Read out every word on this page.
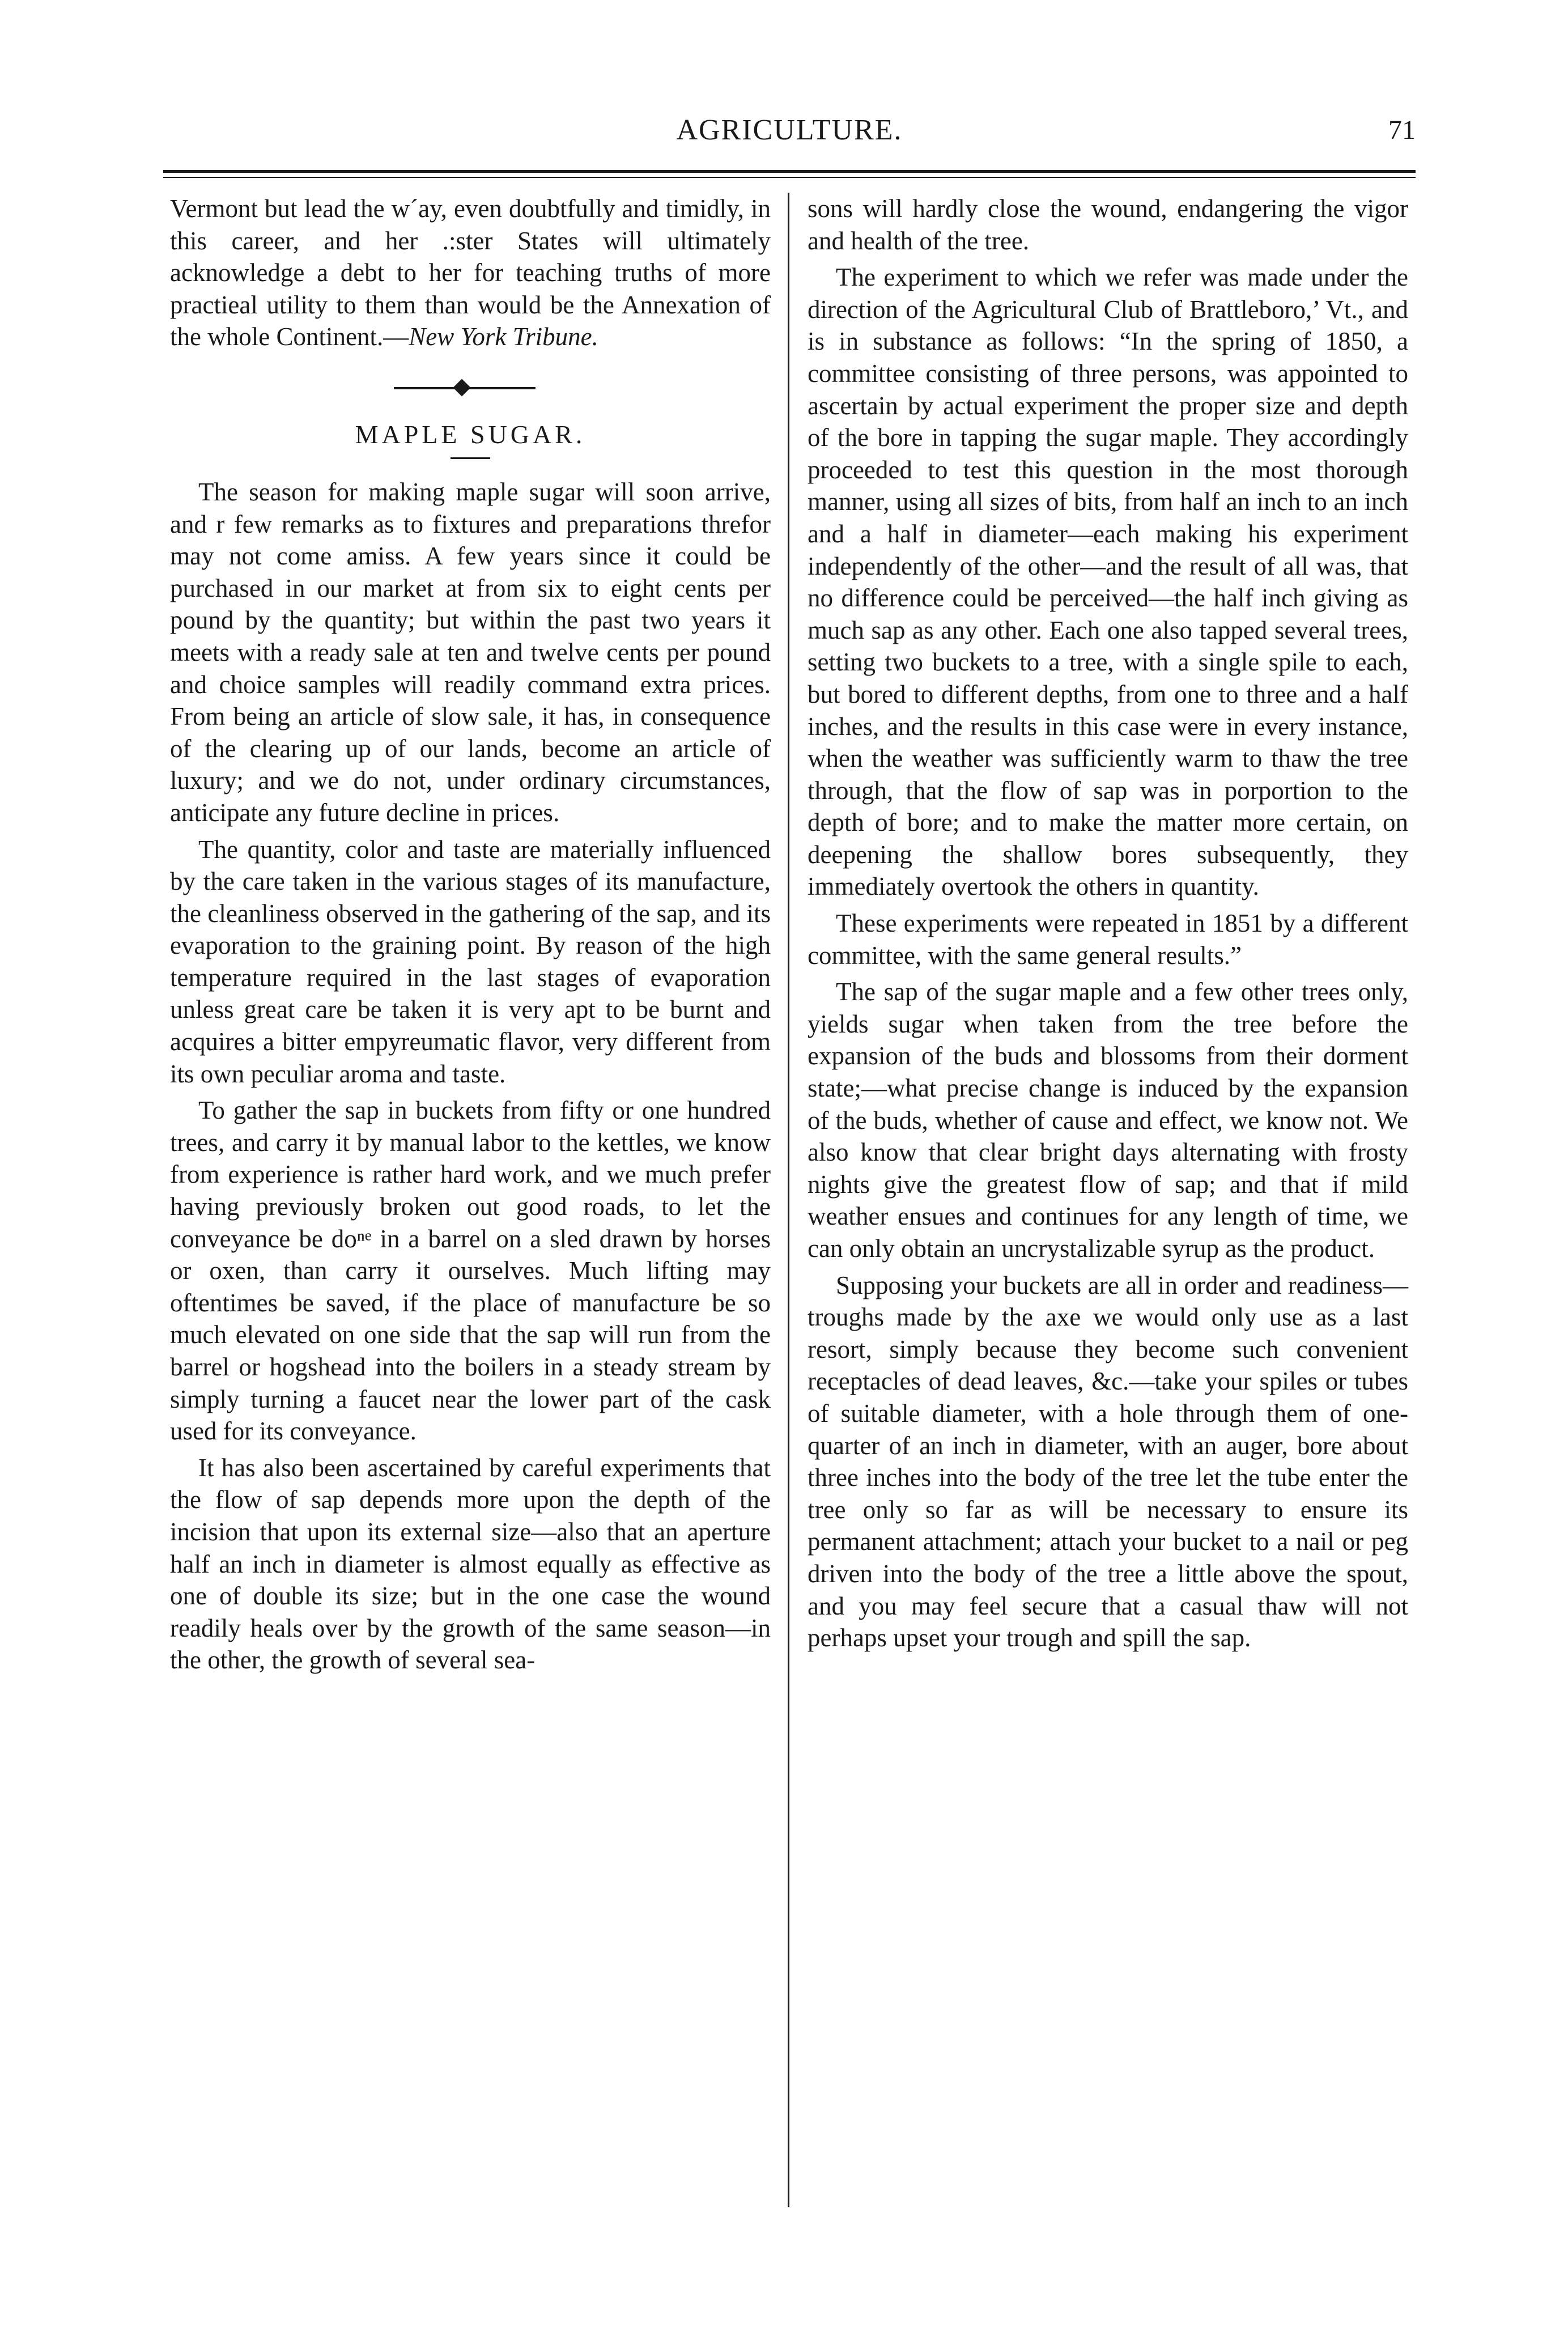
AGRICULTURE.	71

Vermont but lead the w´ay, even doubtfully and timidly, in this career, and her .:ster States will ultimately acknowledge a debt to her for teaching truths of more practieal utility to them than would be the Annexation of the whole Continent.—New York Tribune.

MAPLE SUGAR.

The season for making maple sugar will soon arrive, and r few remarks as to fixtures and preparations threfor may not come amiss. A few years since it could be purchased in our market at from six to eight cents per pound by the quantity; but within the past two years it meets with a ready sale at ten and twelve cents per pound and choice samples will readily command extra prices. From being an article of slow sale, it has, in consequence of the clearing up of our lands, become an article of luxury; and we do not, under ordinary circumstances, anticipate any future decline in prices.

The quantity, color and taste are materially influenced by the care taken in the various stages of its manufacture, the cleanliness observed in the gathering of the sap, and its evaporation to the graining point. By reason of the high temperature required in the last stages of evaporation unless great care be taken it is very apt to be burnt and acquires a bitter empyreumatic flavor, very different from its own peculiar aroma and taste.

To gather the sap in buckets from fifty or one hundred trees, and carry it by manual labor to the kettles, we know from experience is rather hard work, and we much prefer having previously broken out good roads, to let the conveyance be doⁿᵉ in a barrel on a sled drawn by horses or oxen, than carry it ourselves. Much lifting may oftentimes be saved, if the place of manufacture be so much elevated on one side that the sap will run from the barrel or hogshead into the boilers in a steady stream by simply turning a faucet near the lower part of the cask used for its conveyance.

It has also been ascertained by careful experiments that the flow of sap depends more upon the depth of the incision that upon its external size—also that an aperture half an inch in diameter is almost equally as effective as one of double its size; but in the one case the wound readily heals over by the growth of the same season—in the other, the growth of several sea-

sons will hardly close the wound, endangering the vigor and health of the tree.

The experiment to which we refer was made under the direction of the Agricultural Club of Brattleboro,’ Vt., and is in substance as follows: “In the spring of 1850, a committee consisting of three persons, was appointed to ascertain by actual experiment the proper size and depth of the bore in tapping the sugar maple. They accordingly proceeded to test this question in the most thorough manner, using all sizes of bits, from half an inch to an inch and a half in diameter—each making his experiment independently of the other—and the result of all was, that no difference could be perceived—the half inch giving as much sap as any other. Each one also tapped several trees, setting two buckets to a tree, with a single spile to each, but bored to different depths, from one to three and a half inches, and the results in this case were in every instance, when the weather was sufficiently warm to thaw the tree through, that the flow of sap was in porportion to the depth of bore; and to make the matter more certain, on deepening the shallow bores subsequently, they immediately overtook the others in quantity.

These experiments were repeated in 1851 by a different committee, with the same general results.”

The sap of the sugar maple and a few other trees only, yields sugar when taken from the tree before the expansion of the buds and blossoms from their dorment state;—what precise change is induced by the expansion of the buds, whether of cause and effect, we know not. We also know that clear bright days alternating with frosty nights give the greatest flow of sap; and that if mild weather ensues and continues for any length of time, we can only obtain an uncrystalizable syrup as the product.

Supposing your buckets are all in order and readiness—troughs made by the axe we would only use as a last resort, simply because they become such convenient receptacles of dead leaves, &c.—take your spiles or tubes of suitable diameter, with a hole through them of one-quarter of an inch in diameter, with an auger, bore about three inches into the body of the tree let the tube enter the tree only so far as will be necessary to ensure its permanent attachment; attach your bucket to a nail or peg driven into the body of the tree a little above the spout, and you may feel secure that a casual thaw will not perhaps upset your trough and spill the sap.
